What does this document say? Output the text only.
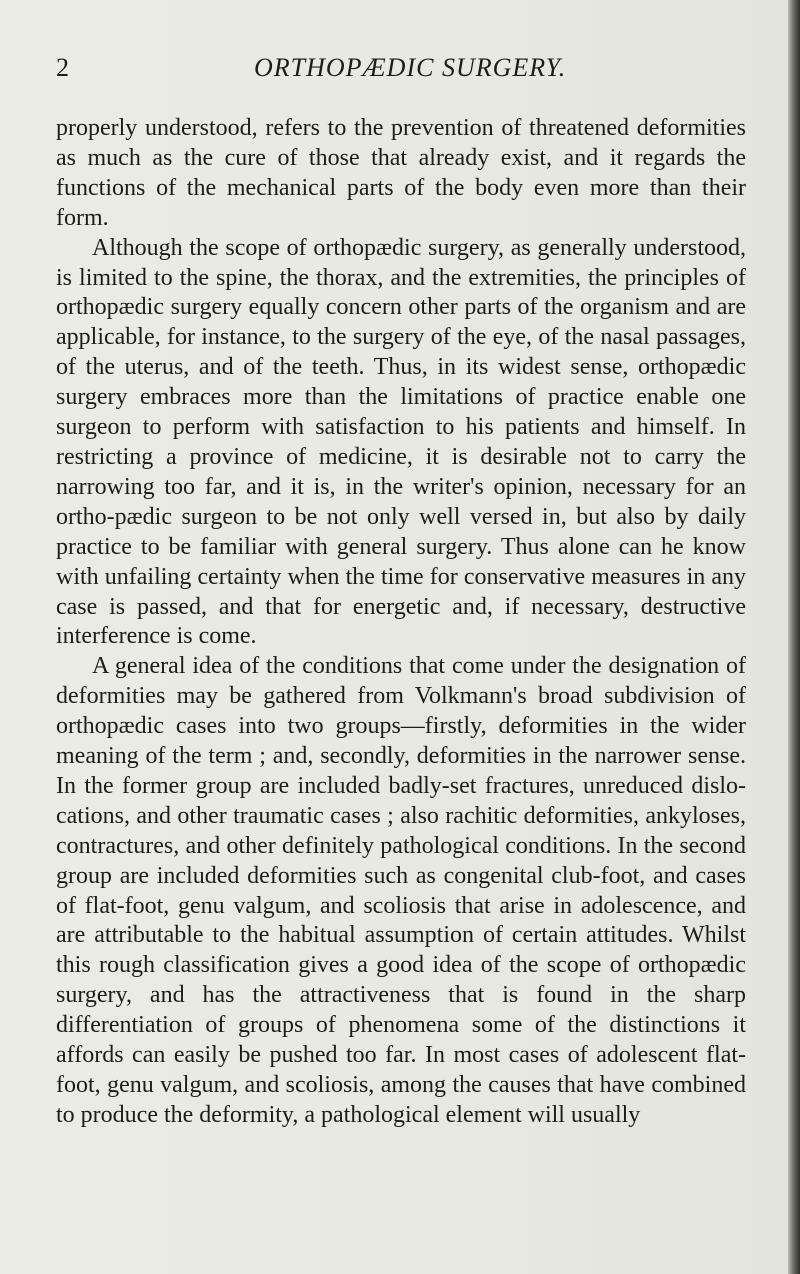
2	ORTHOPÆDIC SURGERY.

properly understood, refers to the prevention of threatened deformities as much as the cure of those that already exist, and it regards the functions of the mechanical parts of the body even more than their form.

Although the scope of orthopædic surgery, as generally understood, is limited to the spine, the thorax, and the extremities, the principles of orthopædic surgery equally concern other parts of the organism and are applicable, for instance, to the surgery of the eye, of the nasal passages, of the uterus, and of the teeth. Thus, in its widest sense, orthopædic surgery embraces more than the limitations of practice enable one surgeon to perform with satisfaction to his patients and himself. In restricting a province of medicine, it is desirable not to carry the narrowing too far, and it is, in the writer's opinion, necessary for an ortho-pædic surgeon to be not only well versed in, but also by daily practice to be familiar with general surgery. Thus alone can he know with unfailing certainty when the time for conservative measures in any case is passed, and that for energetic and, if necessary, destructive interference is come.

A general idea of the conditions that come under the designation of deformities may be gathered from Volkmann's broad subdivision of orthopædic cases into two groups—firstly, deformities in the wider meaning of the term ; and, secondly, deformities in the narrower sense. In the former group are included badly-set fractures, unreduced dislo-cations, and other traumatic cases ; also rachitic deformities, ankyloses, contractures, and other definitely pathological conditions. In the second group are included deformities such as congenital club-foot, and cases of flat-foot, genu valgum, and scoliosis that arise in adolescence, and are attributable to the habitual assumption of certain attitudes. Whilst this rough classification gives a good idea of the scope of orthopædic surgery, and has the attractiveness that is found in the sharp differentiation of groups of phenomena some of the distinctions it affords can easily be pushed too far. In most cases of adolescent flat-foot, genu valgum, and scoliosis, among the causes that have combined to produce the deformity, a pathological element will usually
